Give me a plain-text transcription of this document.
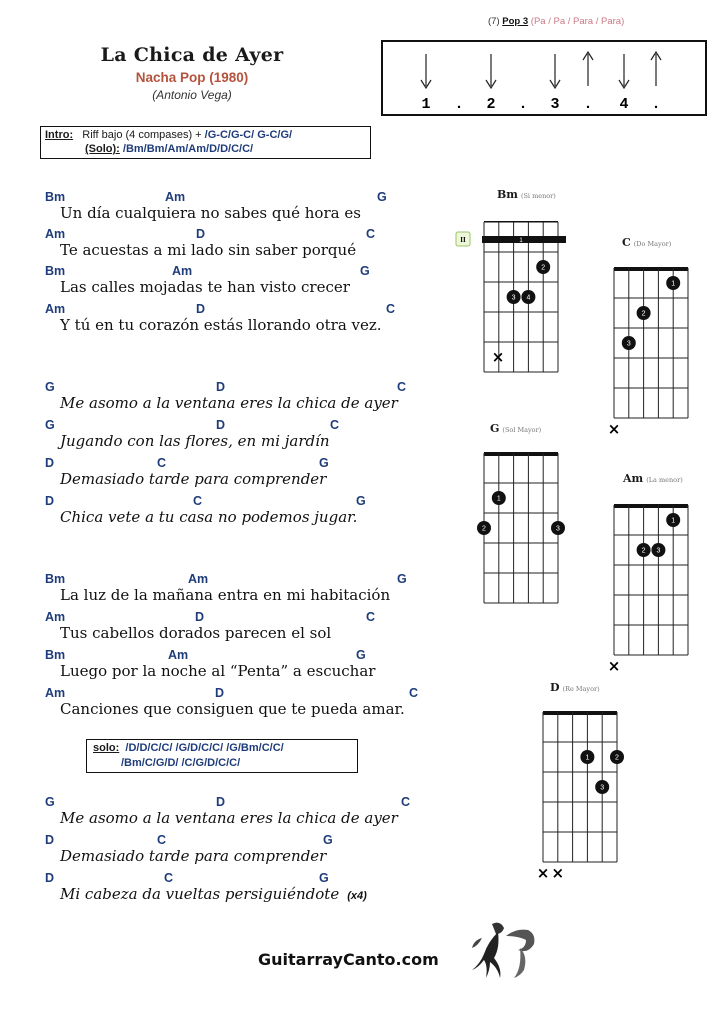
La Chica de Ayer
Nacha Pop (1980)
(Antonio Vega)
(7) Pop 3 (Pa / Pa / Para / Para)
1 . 2 . 3 . 4 .
Intro: Riff bajo (4 compases) + /G-C/G-C/ G-C/G/
(Solo): /Bm/Bm/Am/Am/D/D/C/C/
Bm	Am	G
Un día cualquiera no sabes qué hora es
Am	D	C
Te acuestas a mi lado sin saber porqué
Bm	Am	G
Las calles mojadas te han visto crecer
Am	D	C
Y tú en tu corazón estás llorando otra vez.
G	D	C
Me asomo a la ventana eres la chica de ayer
G	D	C
Jugando con las flores, en mi jardín
D	C	G
Demasiado tarde para comprender
D	C	G
Chica vete a tu casa no podemos jugar.
Bm	Am	G
La luz de la mañana entra en mi habitación
Am	D	C
Tus cabellos dorados parecen el sol
Bm	Am	G
Luego por la noche al “Penta” a escuchar
Am	D	C
Canciones que consiguen que te pueda amar.
G	D	C
Me asomo a la ventana eres la chica de ayer
D	C	G
Demasiado tarde para comprender
D	C	G
Mi cabeza da vueltas persiguiéndote (x4)
solo: /D/D/C/C/ /G/D/C/C/ /G/Bm/C/C/
/Bm/C/G/D/ /C/G/D/C/C/
Bm (Si menor)
1
II
2
3 4
×
C (Do Mayor)
1
2
3
×
G (Sol Mayor)
1
2	3
Am (La menor)
1
2 3
×
D (Re Mayor)
1	2
3
× ×
GuitarrayCanto.com
